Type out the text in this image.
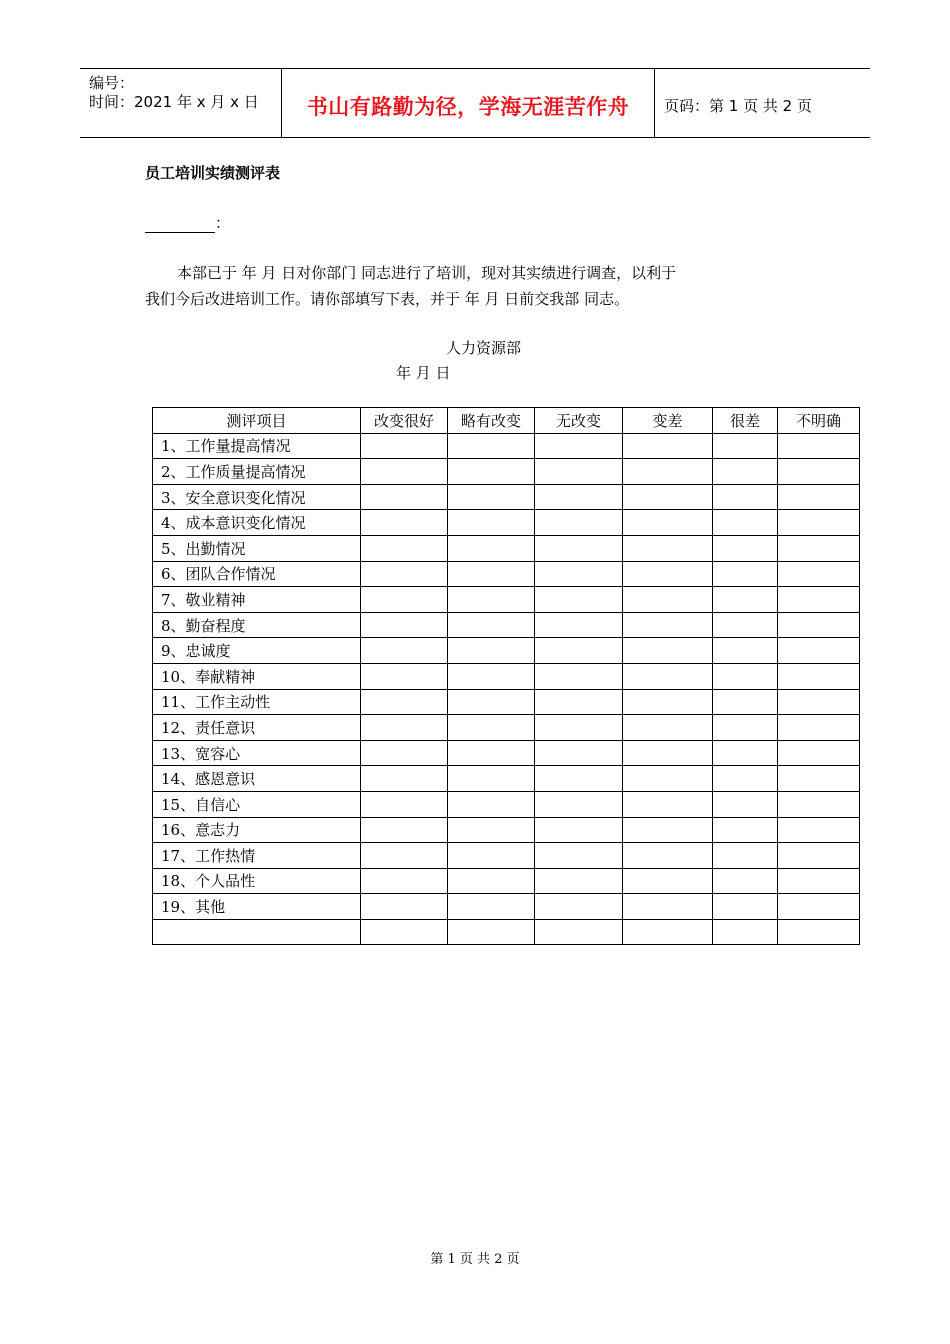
编号：
时间：2021 年 x 月 x 日	书山有路勤为径，学海无涯苦作舟	页码：第 1 页 共 2 页
员工培训实绩测评表
：
本部已于 年 月 日对你部门 同志进行了培训，现对其实绩进行调查，以利于
我们今后改进培训工作。请你部填写下表，并于 年 月 日前交我部 同志。
人力资源部
年 月 日
测评项目	改变很好	略有改变	无改变	变差	很差	不明确
1、工作量提高情况						
2、工作质量提高情况						
3、安全意识变化情况						
4、成本意识变化情况						
5、出勤情况						
6、团队合作情况						
7、敬业精神						
8、勤奋程度						
9、忠诚度						
10、奉献精神						
11、工作主动性						
12、责任意识						
13、宽容心						
14、感恩意识						
15、自信心						
16、意志力						
17、工作热情						
18、个人品性						
19、其他						

第 1 页 共 2 页
